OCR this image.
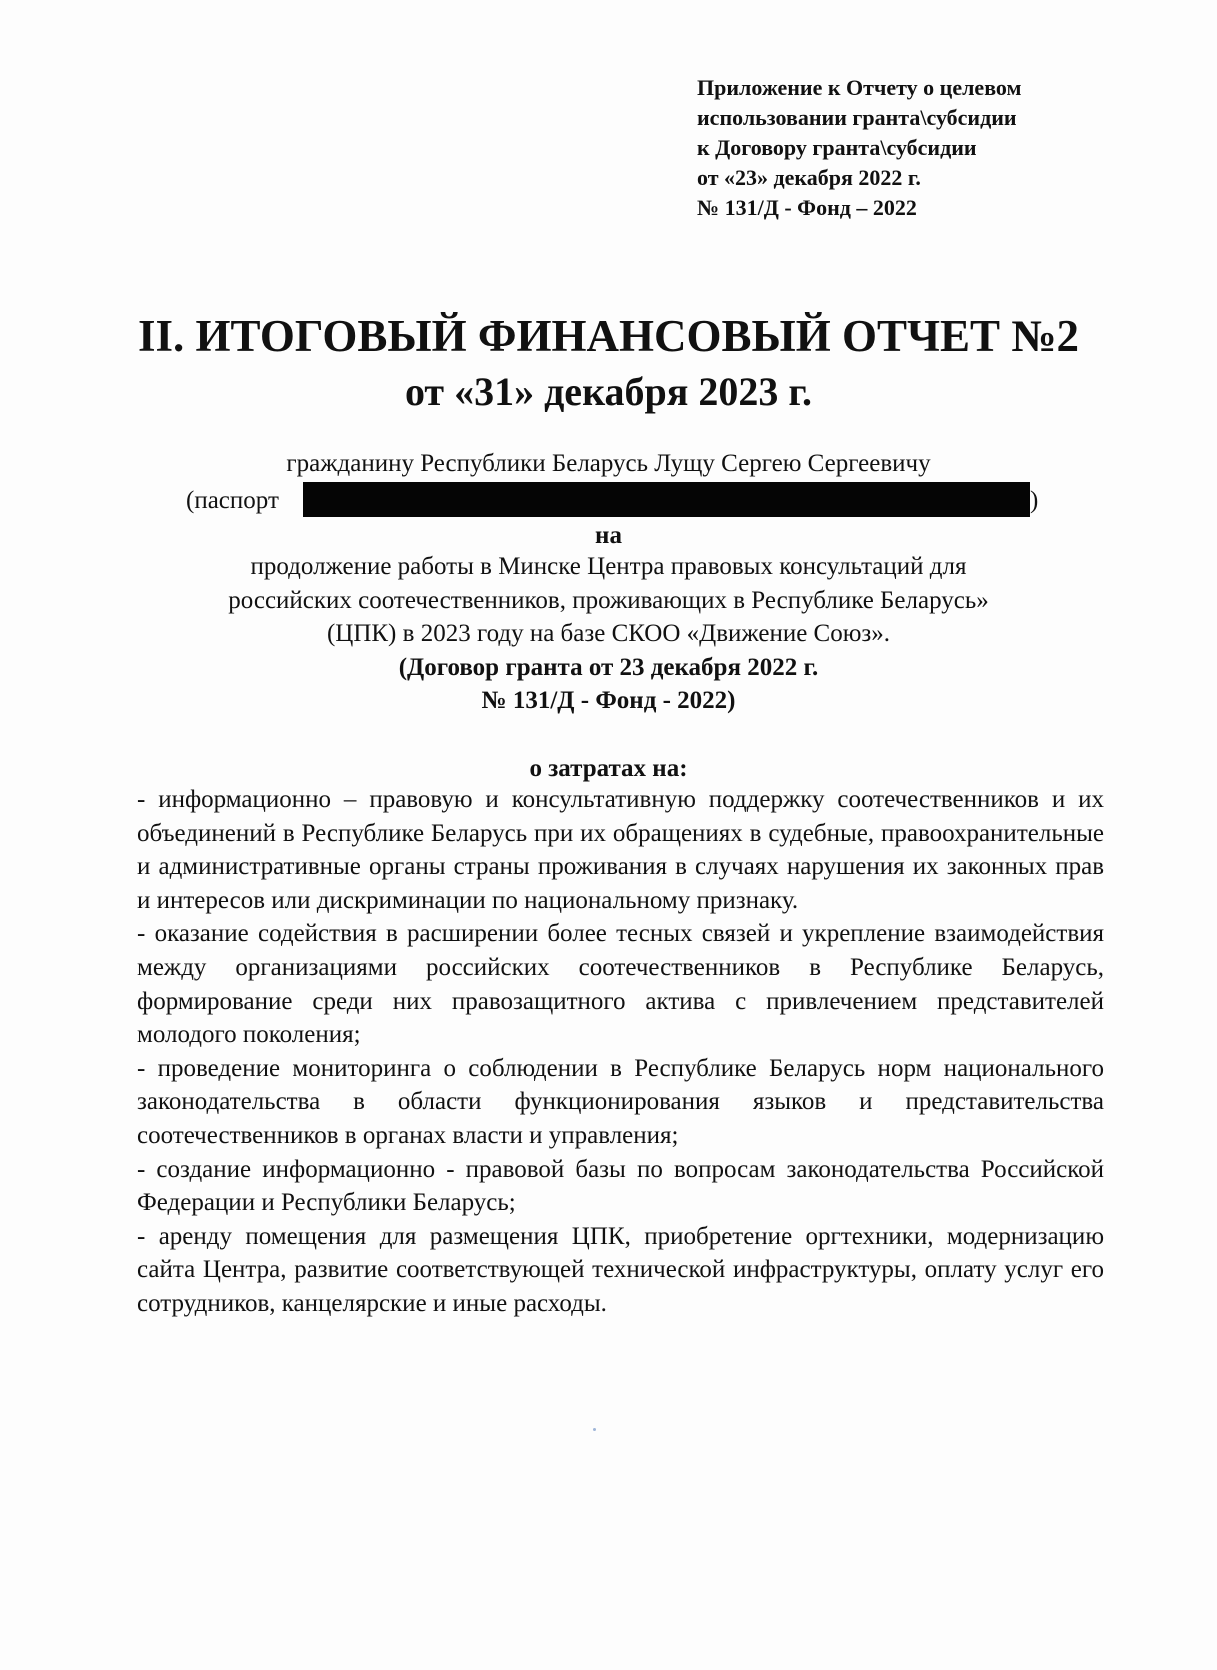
Приложение к Отчету о целевом
использовании гранта\субсидии
к Договору гранта\субсидии
от «23» декабря 2022 г.
№ 131/Д - Фонд – 2022
II. ИТОГОВЫЙ ФИНАНСОВЫЙ ОТЧЕТ №2
от «31» декабря 2023 г.
гражданину Республики Беларусь Лущу Сергею Сергеевичу
(паспорт	)
на
продолжение работы в Минске Центра правовых консультаций для
российских соотечественников, проживающих в Республике Беларусь»
(ЦПК) в 2023 году на базе СКОО «Движение Союз».
(Договор гранта от 23 декабря 2022 г.
№ 131/Д - Фонд - 2022)
о затратах на:

- информационно – правовую и консультативную поддержку соотечественников и их объединений в Республике Беларусь при их обращениях в судебные, правоохранительные и административные органы страны проживания в случаях нарушения их законных прав и интересов или дискриминации по национальному признаку.

- оказание содействия в расширении более тесных связей и укрепление взаимодействия между организациями российских соотечественников в Республике Беларусь, формирование среди них правозащитного актива с привлечением представителей молодого поколения;

- проведение мониторинга о соблюдении в Республике Беларусь норм национального законодательства в области функционирования языков и представительства соотечественников в органах власти и управления;

- создание информационно - правовой базы по вопросам законодательства Российской Федерации и Республики Беларусь;

- аренду помещения для размещения ЦПК, приобретение оргтехники, модернизацию сайта Центра, развитие соответствующей технической инфраструктуры, оплату услуг его сотрудников, канцелярские и иные расходы.
